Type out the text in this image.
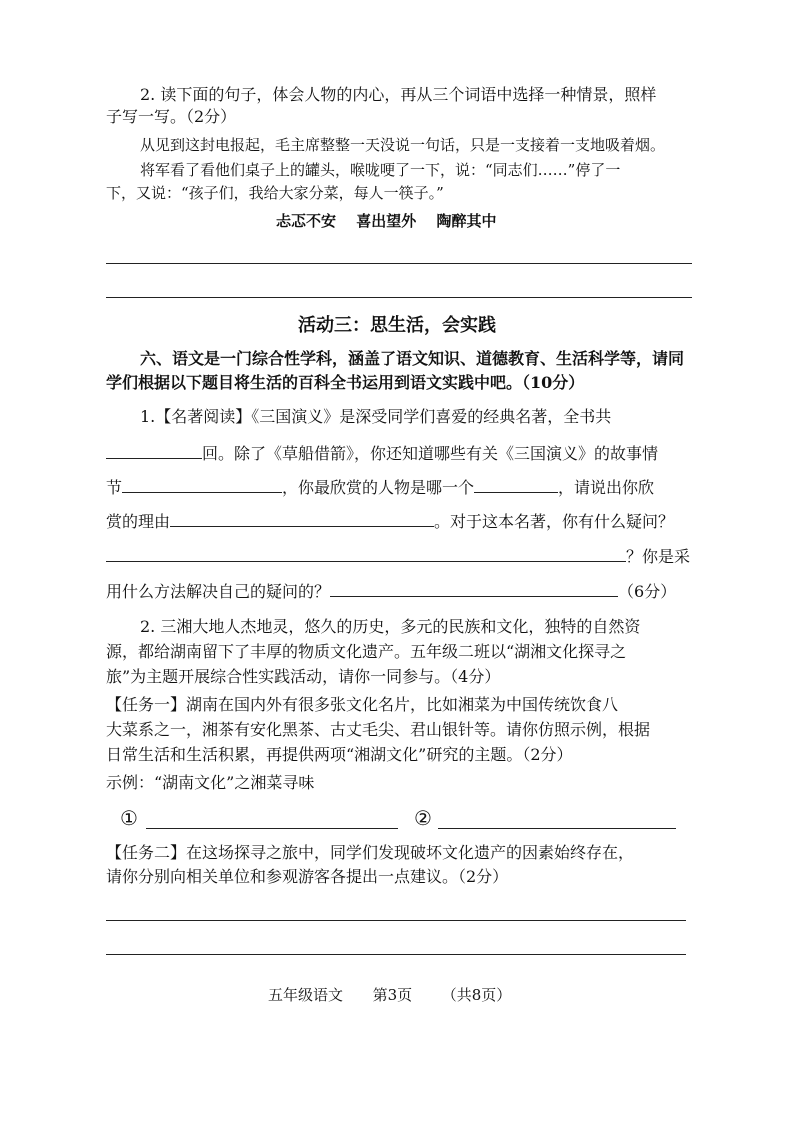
2. 读下面的句子，体会人物的内心，再从三个词语中选择一种情景，照样
子写一写。（2分）
从见到这封电报起，毛主席整整一天没说一句话，只是一支接着一支地吸着烟。
将军看了看他们桌子上的罐头，喉咙哽了一下，说：“同志们……”停了一
下，又说：“孩子们，我给大家分菜，每人一筷子。”
忐忑不安　 喜出望外　 陶醉其中
活动三：思生活，会实践
六、语文是一门综合性学科，涵盖了语文知识、道德教育、生活科学等，请同
学们根据以下题目将生活的百科全书运用到语文实践中吧。（10分）
1.【名著阅读】《三国演义》是深受同学们喜爱的经典名著，全书共
回。除了《草船借箭》，你还知道哪些有关《三国演义》的故事情
节	，你最欣赏的人物是哪一个	，请说出你欣
赏的理由	。对于这本名著，你有什么疑问？
？你是采
用什么方法解决自己的疑问的？	（6分）
2. 三湘大地人杰地灵，悠久的历史，多元的民族和文化，独特的自然资
源，都给湖南留下了丰厚的物质文化遗产。五年级二班以“湖湘文化探寻之
旅”为主题开展综合性实践活动，请你一同参与。（4分）
【任务一】湖南在国内外有很多张文化名片，比如湘菜为中国传统饮食八
大菜系之一，湘茶有安化黑茶、古丈毛尖、君山银针等。请你仿照示例，根据
日常生活和生活积累，再提供两项“湘湖文化”研究的主题。（2分）
示例：“湖南文化”之湘菜寻味
①	②
【任务二】在这场探寻之旅中，同学们发现破坏文化遗产的因素始终存在，
请你分别向相关单位和参观游客各提出一点建议。（2分）
五年级语文 第3页 （共8页）
